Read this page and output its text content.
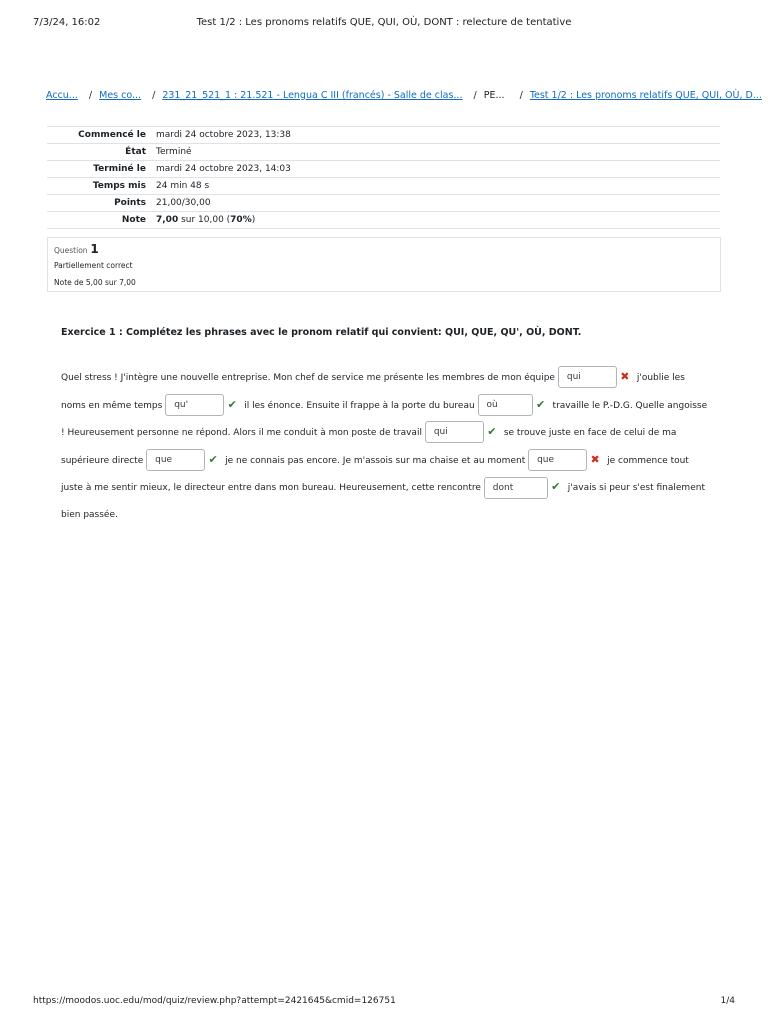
7/3/24, 16:02	Test 1/2 : Les pronoms relatifs QUE, QUI, OÙ, DONT : relecture de tentative
Accu... / Mes co... / 231_21_521_1 : 21.521 - Lengua C III (francés) - Salle de clas... / PE... / Test 1/2 : Les pronoms relatifs QUE, QUI, OÙ, D...
Commencé le	mardi 24 octobre 2023, 13:38
État	Terminé
Terminé le	mardi 24 octobre 2023, 14:03
Temps mis	24 min 48 s
Points	21,00/30,00
Note	7,00 sur 10,00 (70%)
Question 1
Partiellement correct
Note de 5,00 sur 7,00
Exercice 1 : Complétez les phrases avec le pronom relatif qui convient: QUI, QUE, QU', OÙ, DONT.
Quel stress ! J'intègre une nouvelle entreprise. Mon chef de service me présente les membres de mon équipe qui	✖ j'oublie les noms en même temps qu'	✔ il les énonce. Ensuite il frappe à la porte du bureau où	✔ travaille le P.-D.G. Quelle angoisse ! Heureusement personne ne répond. Alors il me conduit à mon poste de travail qui	✔ se trouve juste en face de celui de ma supérieure directe que	✔ je ne connais pas encore. Je m'assois sur ma chaise et au moment que	✖ je commence tout juste à me sentir mieux, le directeur entre dans mon bureau. Heureusement, cette rencontre dont	✔ j'avais si peur s'est finalement bien passée.
https://moodos.uoc.edu/mod/quiz/review.php?attempt=2421645&cmid=126751	1/4
